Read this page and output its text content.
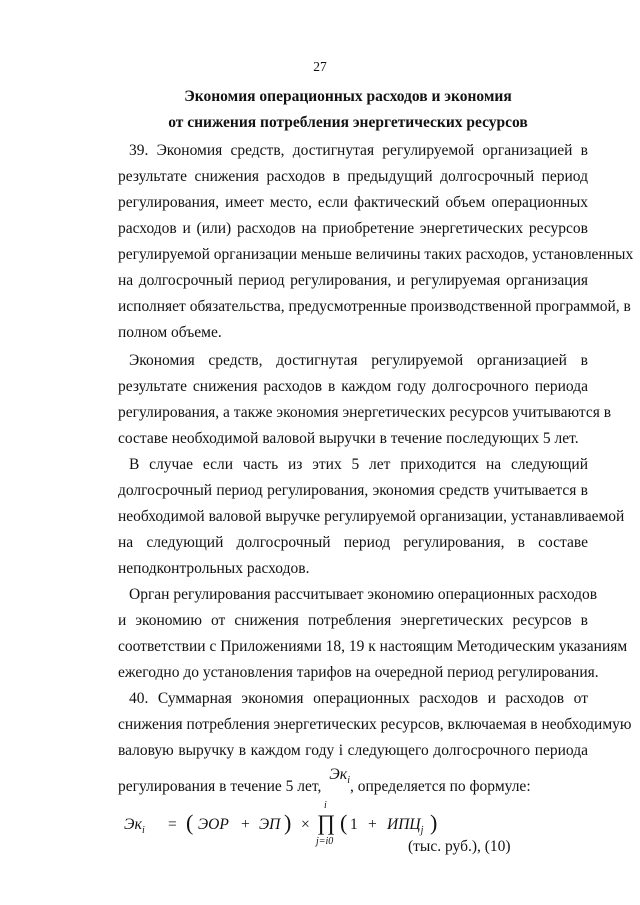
27
Экономия операционных расходов и экономия
от снижения потребления энергетических ресурсов
39. Экономия средств, достигнутая регулируемой организацией в
результате снижения расходов в предыдущий долгосрочный период
регулирования, имеет место, если фактический объем операционных
расходов и (или) расходов на приобретение энергетических ресурсов
регулируемой организации меньше величины таких расходов, установленных
на долгосрочный период регулирования, и регулируемая организация
исполняет обязательства, предусмотренные производственной программой, в
полном объеме.
Экономия средств, достигнутая регулируемой организацией в
результате снижения расходов в каждом году долгосрочного периода
регулирования, а также экономия энергетических ресурсов учитываются в
составе необходимой валовой выручки в течение последующих 5 лет.
В случае если часть из этих 5 лет приходится на следующий
долгосрочный период регулирования, экономия средств учитывается в
необходимой валовой выручке регулируемой организации, устанавливаемой
на следующий долгосрочный период регулирования, в составе
неподконтрольных расходов.
Орган регулирования рассчитывает экономию операционных расходов
и экономию от снижения потребления энергетических ресурсов в
соответствии с Приложениями 18, 19 к настоящим Методическим указаниям
ежегодно до установления тарифов на очередной период регулирования.
40. Суммарная экономия операционных расходов и расходов от
снижения потребления энергетических ресурсов, включаемая в необходимую
валовую выручку в каждом году i следующего долгосрочного периода
регулирования в течение 5 лет, $Эк_i$, определяется по формуле:
$Эк_i$ = ( ЭОР + ЭП ) ×
i
∏
j=i0
( $1 + ИПЦ_j$ )
(тыс. руб.), (10)
